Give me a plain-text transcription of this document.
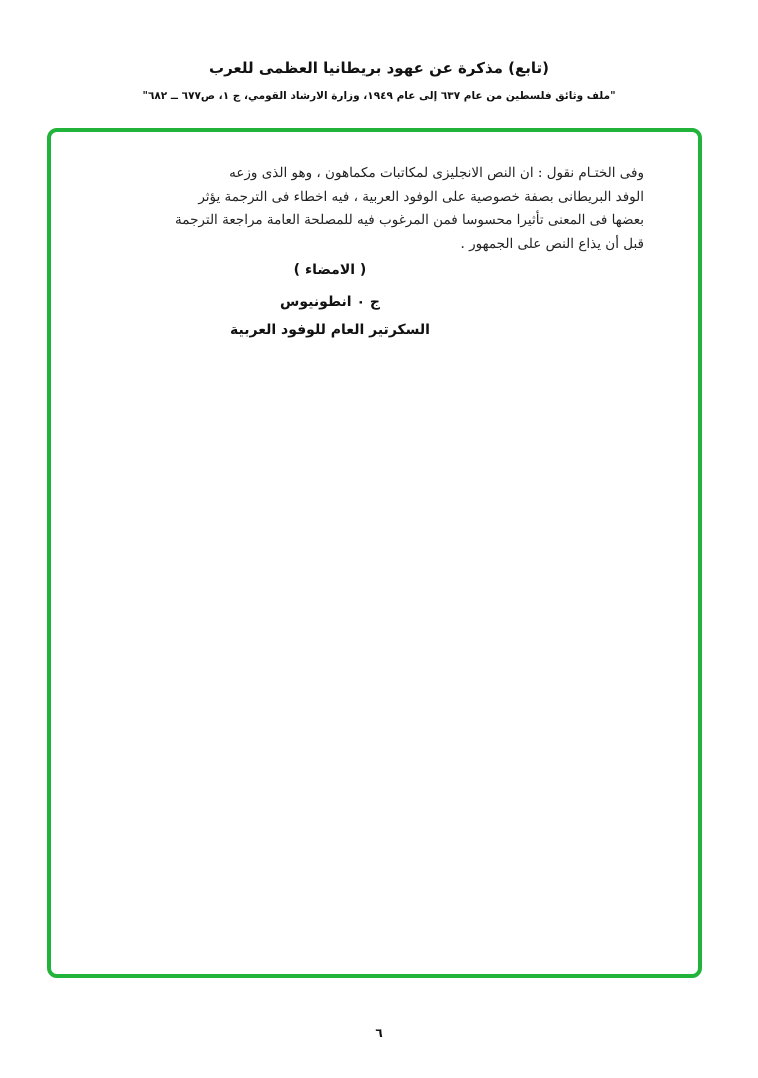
(تابع) مذكرة عن عهود بريطانيا العظمى للعرب
"ملف وثائق فلسطين من عام ٦٣٧ إلى عام ١٩٤٩، وزارة الارشاد القومي، ج ١، ص٦٧٧ ــ ٦٨٢"
وفى الختـام نقول : ان النص الانجليزى لمكاتبات مكماهون ، وهو الذى وزعه
الوفد البريطانى بصفة خصوصية على الوفود العربية ، فيه اخطاء فى الترجمة يؤثر
بعضها فى المعنى تأثيرا محسوسا فمن المرغوب فيه للمصلحة العامة مراجعة الترجمة
قبل أن يذاع النص على الجمهور .
( الامضاء )
ج ٠ انطونيوس
السكرتير العام للوفود العربية
٦
